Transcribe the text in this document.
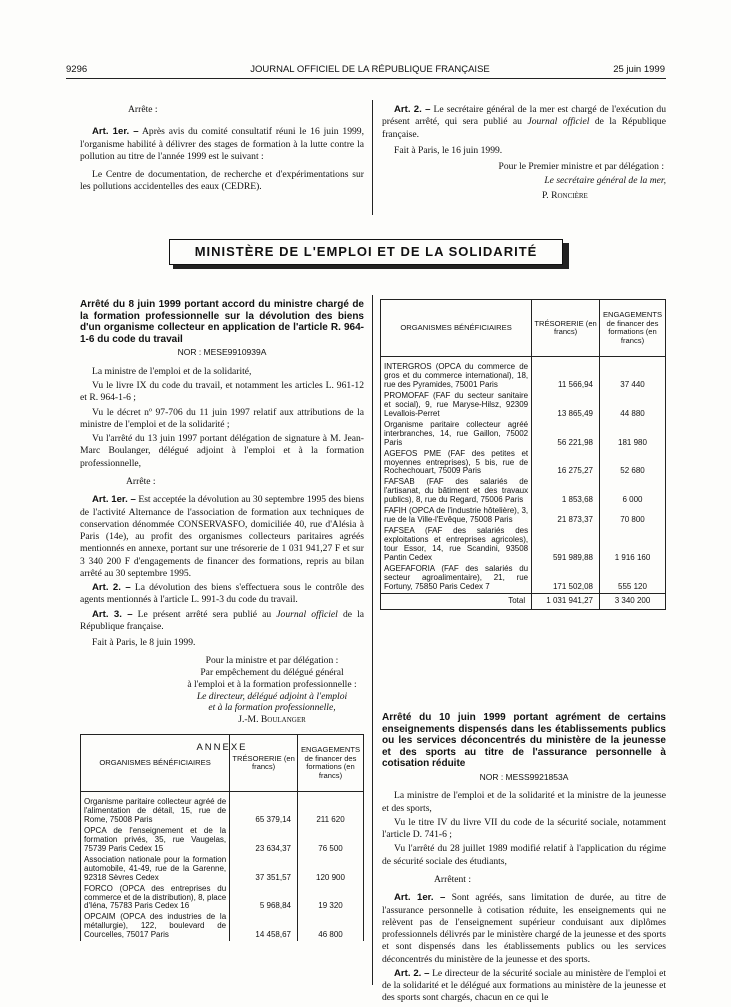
9296	JOURNAL OFFICIEL DE LA RÉPUBLIQUE FRANÇAISE	25 juin 1999

Arrête :

Art. 1er. – Après avis du comité consultatif réuni le 16 juin 1999, l'organisme habilité à délivrer des stages de formation à la lutte contre la pollution au titre de l'année 1999 est le suivant :

Le Centre de documentation, de recherche et d'expérimentations sur les pollutions accidentelles des eaux (CEDRE).

Art. 2. – Le secrétaire général de la mer est chargé de l'exécution du présent arrêté, qui sera publié au Journal officiel de la République française.

Fait à Paris, le 16 juin 1999.

Pour le Premier ministre et par délégation :

Le secrétaire général de la mer,

P. Roncière

MINISTÈRE DE L'EMPLOI ET DE LA SOLIDARITÉ

Arrêté du 8 juin 1999 portant accord du ministre chargé de la formation professionnelle sur la dévolution des biens d'un organisme collecteur en application de l'article R. 964-1-6 du code du travail

NOR : MESE9910939A

La ministre de l'emploi et de la solidarité,

Vu le livre IX du code du travail, et notamment les articles L. 961-12 et R. 964-1-6 ;

Vu le décret nº 97-706 du 11 juin 1997 relatif aux attributions de la ministre de l'emploi et de la solidarité ;

Vu l'arrêté du 13 juin 1997 portant délégation de signature à M. Jean-Marc Boulanger, délégué adjoint à l'emploi et à la formation professionnelle,

Arrête :

Art. 1er. – Est acceptée la dévolution au 30 septembre 1995 des biens de l'activité Alternance de l'association de formation aux techniques de conservation dénommée CONSERVASFO, domiciliée 40, rue d'Alésia à Paris (14e), au profit des organismes collecteurs paritaires agréés mentionnés en annexe, portant sur une trésorerie de 1 031 941,27 F et sur 3 340 200 F d'engagements de financer des formations, repris au bilan arrêté au 30 septembre 1995.

Art. 2. – La dévolution des biens s'effectuera sous le contrôle des agents mentionnés à l'article L. 991-3 du code du travail.

Art. 3. – Le présent arrêté sera publié au Journal officiel de la République française.

Fait à Paris, le 8 juin 1999.

Pour la ministre et par délégation :

Par empêchement du délégué général

à l'emploi et à la formation professionnelle :

Le directeur, délégué adjoint à l'emploi

et à la formation professionnelle,

J.-M. Boulanger

ANNEXE

ORGANISMES BÉNÉFICIAIRES	TRÉSORERIE (en francs)	ENGAGEMENTS de financer des formations (en francs)
Organisme paritaire collecteur agréé de l'alimentation de détail, 15, rue de Rome, 75008 Paris	65 379,14	211 620
OPCA de l'enseignement et de la formation privés, 35, rue Vaugelas, 75739 Paris Cedex 15	23 634,37	76 500
Association nationale pour la formation automobile, 41-49, rue de la Garenne, 92318 Sèvres Cedex	37 351,57	120 900
FORCO (OPCA des entreprises du commerce et de la distribution), 8, place d'Iéna, 75783 Paris Cedex 16	5 968,84	19 320
OPCAIM (OPCA des industries de la métallurgie), 122, boulevard de Courcelles, 75017 Paris	14 458,67	46 800
ORGANISMES BÉNÉFICIAIRES	TRÉSORERIE (en francs)	ENGAGEMENTS de financer des formations (en francs)
INTERGROS (OPCA du commerce de gros et du commerce international), 18, rue des Pyramides, 75001 Paris	11 566,94	37 440
PROMOFAF (FAF du secteur sanitaire et social), 9, rue Maryse-Hilsz, 92309 Levallois-Perret	13 865,49	44 880
Organisme paritaire collecteur agréé interbranches, 14, rue Gaillon, 75002 Paris	56 221,98	181 980
AGEFOS PME (FAF des petites et moyennes entreprises), 5 bis, rue de Rochechouart, 75009 Paris	16 275,27	52 680
FAFSAB (FAF des salariés de l'artisanat, du bâtiment et des travaux publics), 8, rue du Regard, 75006 Paris	1 853,68	6 000
FAFIH (OPCA de l'industrie hôtelière), 3, rue de la Ville-l'Evêque, 75008 Paris	21 873,37	70 800
FAFSEA (FAF des salariés des exploitations et entreprises agricoles), tour Essor, 14, rue Scandini, 93508 Pantin Cedex	591 989,88	1 916 160
AGEFAFORIA (FAF des salariés du secteur agroalimentaire), 21, rue Fortuny, 75850 Paris Cedex 7	171 502,08	555 120
Total	1 031 941,27	3 340 200

Arrêté du 10 juin 1999 portant agrément de certains enseignements dispensés dans les établissements publics ou les services déconcentrés du ministère de la jeunesse et des sports au titre de l'assurance personnelle à cotisation réduite

NOR : MESS9921853A

La ministre de l'emploi et de la solidarité et la ministre de la jeunesse et des sports,

Vu le titre IV du livre VII du code de la sécurité sociale, notamment l'article D. 741-6 ;

Vu l'arrêté du 28 juillet 1989 modifié relatif à l'application du régime de sécurité sociale des étudiants,

Arrêtent :

Art. 1er. – Sont agréés, sans limitation de durée, au titre de l'assurance personnelle à cotisation réduite, les enseignements qui ne relèvent pas de l'enseignement supérieur conduisant aux diplômes professionnels délivrés par le ministère chargé de la jeunesse et des sports et sont dispensés dans les établissements publics ou les services déconcentrés du ministère de la jeunesse et des sports.

Art. 2. – Le directeur de la sécurité sociale au ministère de l'emploi et de la solidarité et le délégué aux formations au ministère de la jeunesse et des sports sont chargés, chacun en ce qui le
